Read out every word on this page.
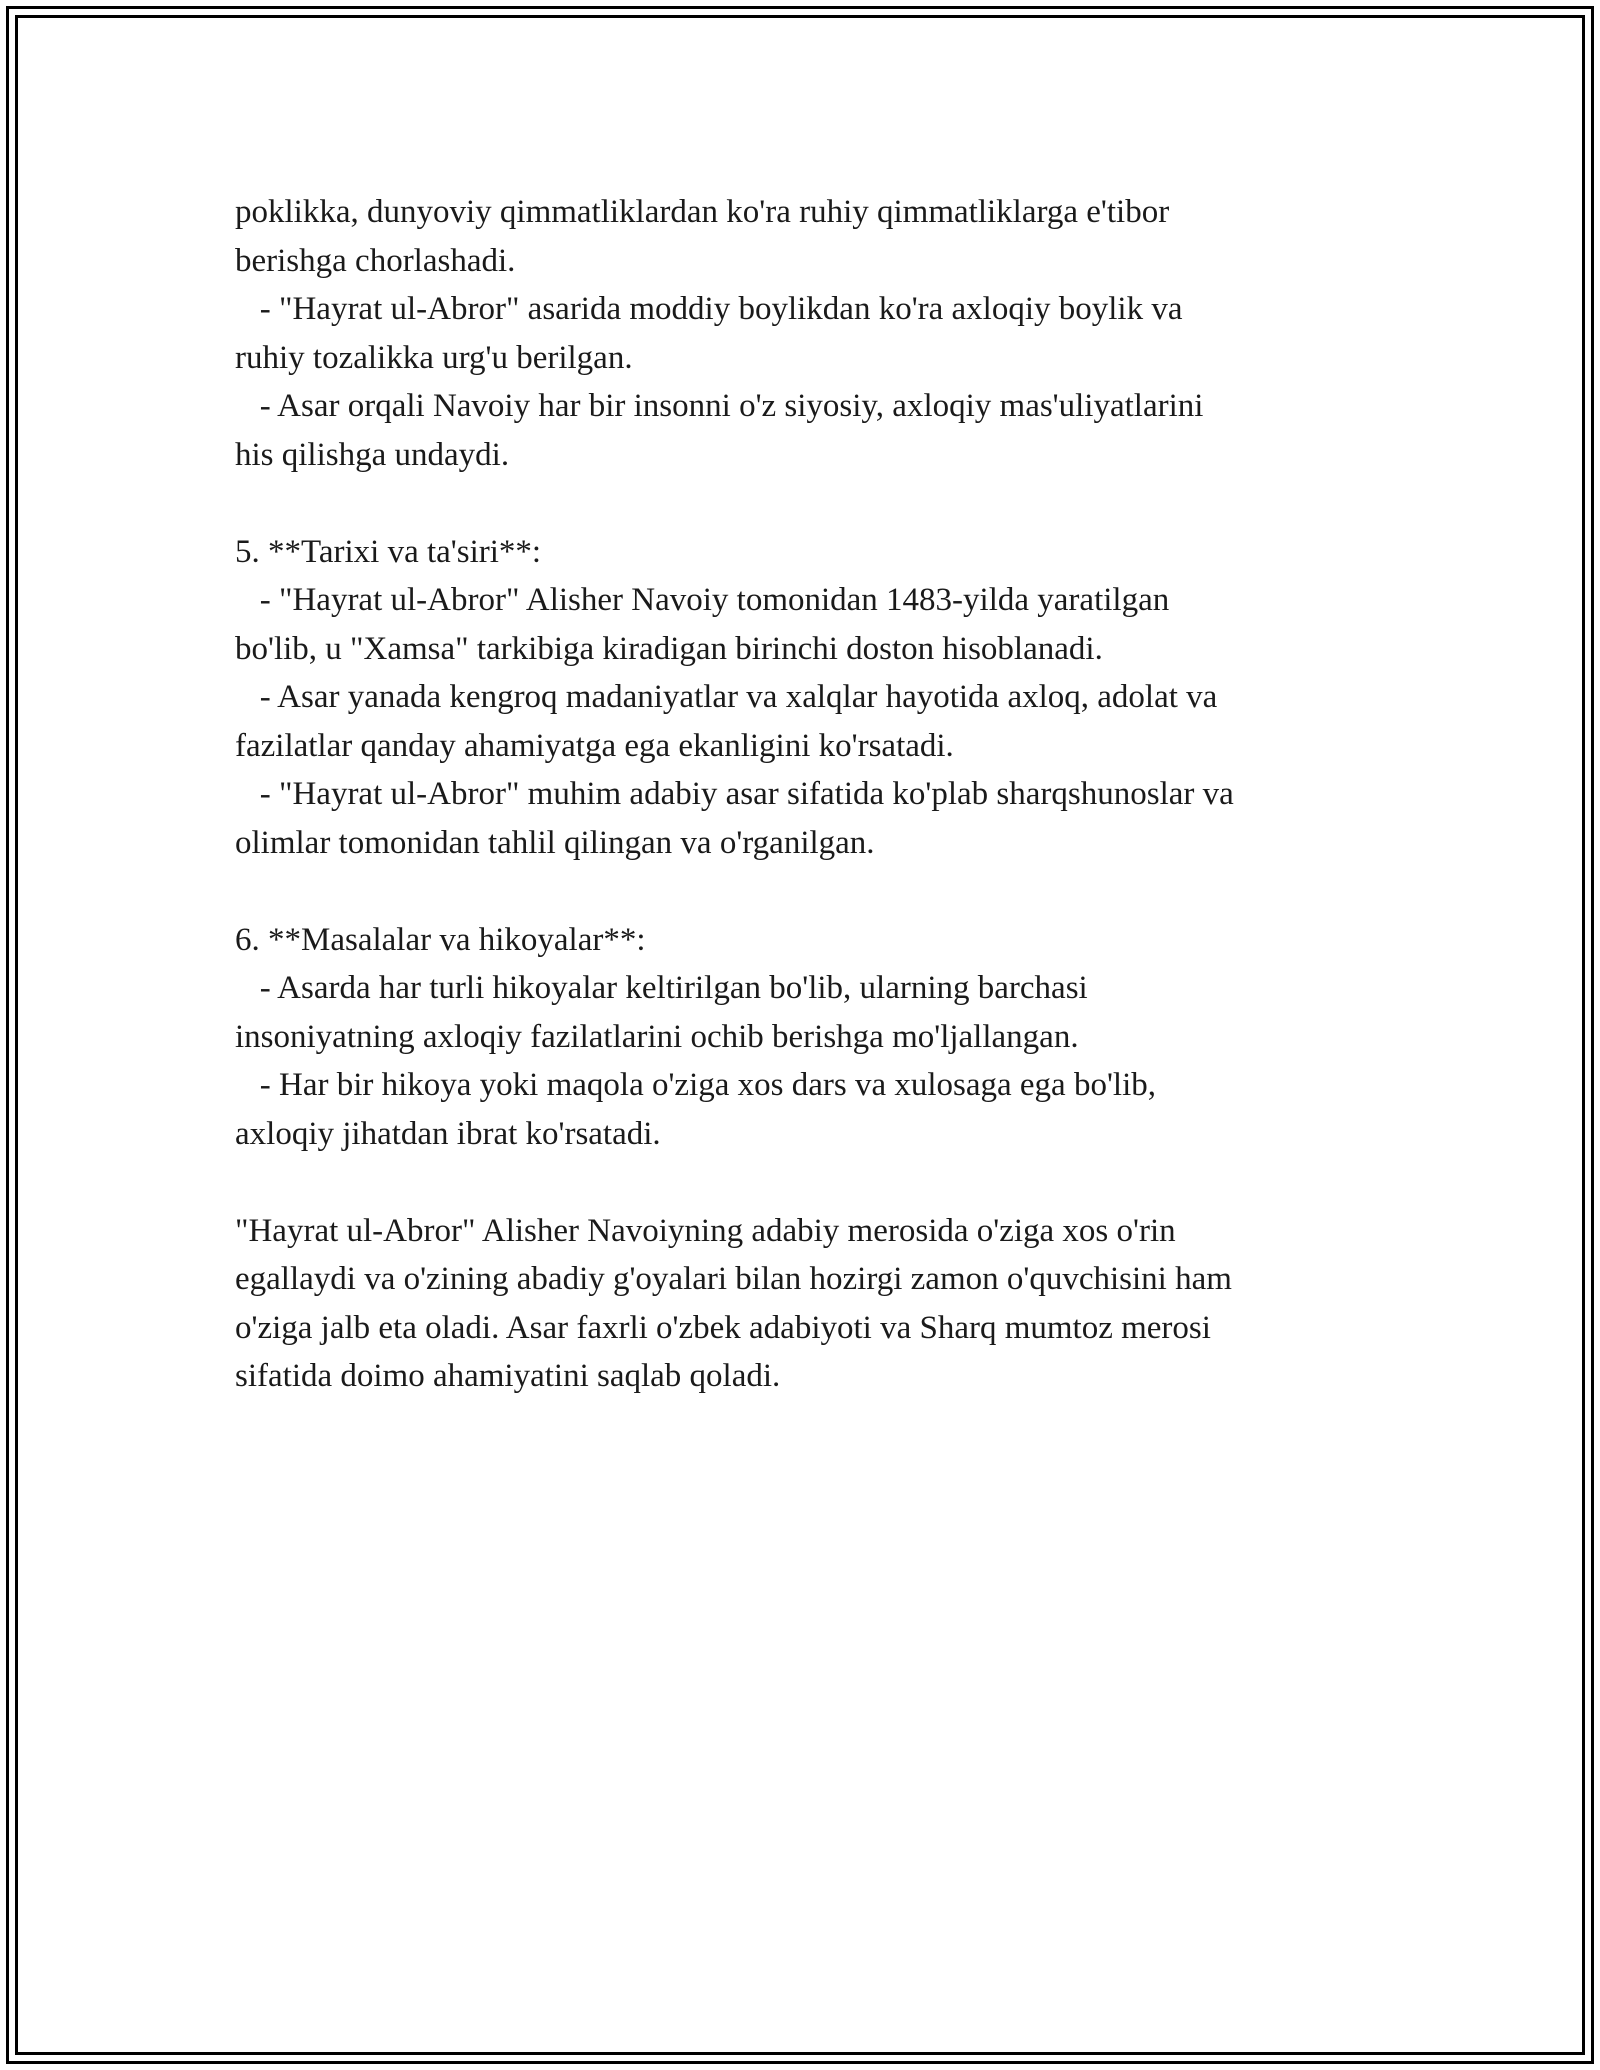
poklikka, dunyoviy qimmatliklardan ko'ra ruhiy qimmatliklarga e'tibor
berishga chorlashadi.
- "Hayrat ul-Abror" asarida moddiy boylikdan ko'ra axloqiy boylik va
ruhiy tozalikka urg'u berilgan.
- Asar orqali Navoiy har bir insonni o'z siyosiy, axloqiy mas'uliyatlarini
his qilishga undaydi.
5. **Tarixi va ta'siri**:
- "Hayrat ul-Abror" Alisher Navoiy tomonidan 1483-yilda yaratilgan
bo'lib, u "Xamsa" tarkibiga kiradigan birinchi doston hisoblanadi.
- Asar yanada kengroq madaniyatlar va xalqlar hayotida axloq, adolat va
fazilatlar qanday ahamiyatga ega ekanligini ko'rsatadi.
- "Hayrat ul-Abror" muhim adabiy asar sifatida ko'plab sharqshunoslar va
olimlar tomonidan tahlil qilingan va o'rganilgan.
6. **Masalalar va hikoyalar**:
- Asarda har turli hikoyalar keltirilgan bo'lib, ularning barchasi
insoniyatning axloqiy fazilatlarini ochib berishga mo'ljallangan.
- Har bir hikoya yoki maqola o'ziga xos dars va xulosaga ega bo'lib,
axloqiy jihatdan ibrat ko'rsatadi.
"Hayrat ul-Abror" Alisher Navoiyning adabiy merosida o'ziga xos o'rin
egallaydi va o'zining abadiy g'oyalari bilan hozirgi zamon o'quvchisini ham
o'ziga jalb eta oladi. Asar faxrli o'zbek adabiyoti va Sharq mumtoz merosi
sifatida doimo ahamiyatini saqlab qoladi.
